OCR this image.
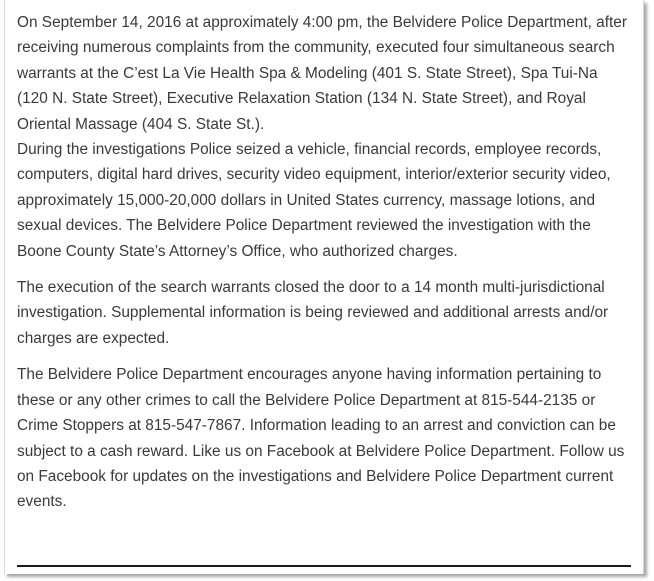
On September 14, 2016 at approximately 4:00 pm, the Belvidere Police Department, after receiving numerous complaints from the community, executed four simultaneous search warrants at the C’est La Vie Health Spa & Modeling (401 S. State Street), Spa Tui-Na (120 N. State Street), Executive Relaxation Station (134 N. State Street), and Royal Oriental Massage (404 S. State St.).

During the investigations Police seized a vehicle, financial records, employee records, computers, digital hard drives, security video equipment, interior/exterior security video, approximately 15,000-20,000 dollars in United States currency, massage lotions, and sexual devices. The Belvidere Police Department reviewed the investigation with the Boone County State’s Attorney’s Office, who authorized charges.

The execution of the search warrants closed the door to a 14 month multi-jurisdictional investigation. Supplemental information is being reviewed and additional arrests and/or charges are expected.

The Belvidere Police Department encourages anyone having information pertaining to these or any other crimes to call the Belvidere Police Department at 815-544-2135 or Crime Stoppers at 815-547-7867. Information leading to an arrest and conviction can be subject to a cash reward. Like us on Facebook at Belvidere Police Department. Follow us on Facebook for updates on the investigations and Belvidere Police Department current events.
